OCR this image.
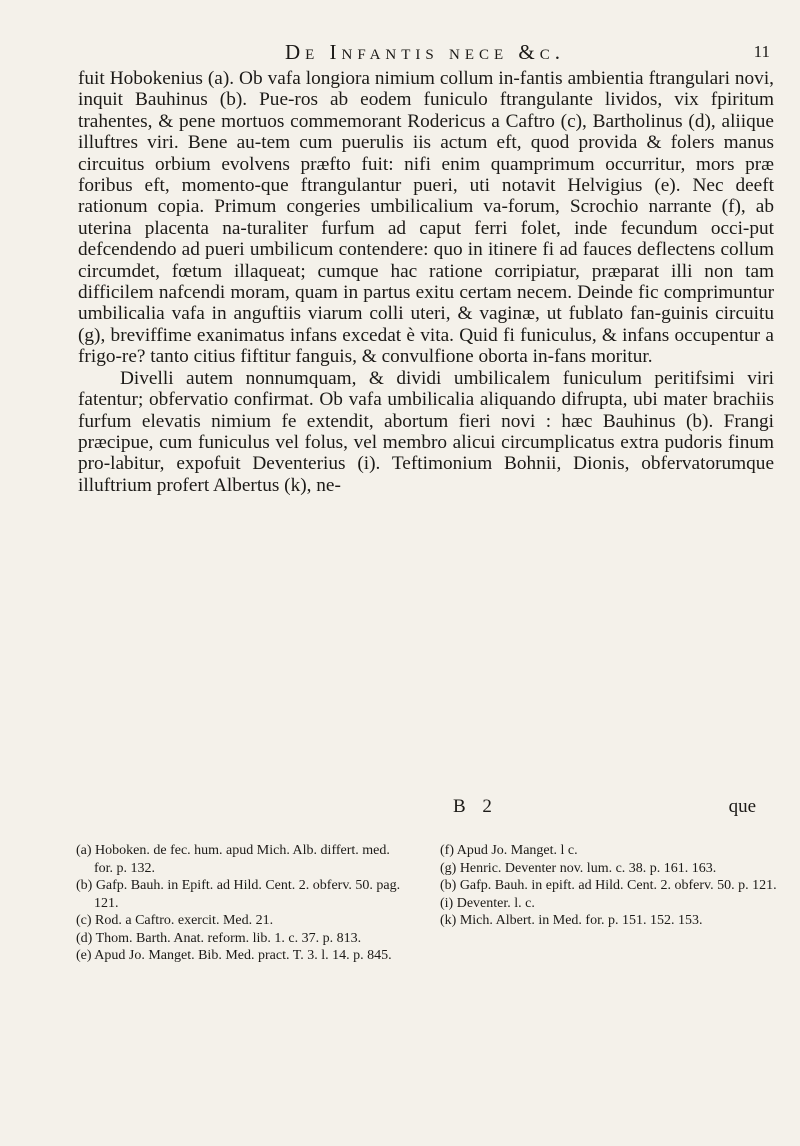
De Infantis nece &c.	11

fuit Hobokenius (a). Ob vafa longiora nimium collum in-fantis ambientia ftrangulari novi, inquit Bauhinus (b). Pue-ros ab eodem funiculo ftrangulante lividos, vix fpiritum trahentes, & pene mortuos commemorant Rodericus a Caftro (c), Bartholinus (d), aliique illuftres viri. Bene au-tem cum puerulis iis actum eft, quod provida & folers manus circuitus orbium evolvens præfto fuit: nifi enim quamprimum occurritur, mors præ foribus eft, momento-que ftrangulantur pueri, uti notavit Helvigius (e). Nec deeft rationum copia. Primum congeries umbilicalium va-forum, Scrochio narrante (f), ab uterina placenta na-turaliter furfum ad caput ferri folet, inde fecundum occi-put defcendendo ad pueri umbilicum contendere: quo in itinere fi ad fauces deflectens collum circumdet, fœtum illaqueat; cumque hac ratione corripiatur, præparat illi non tam difficilem nafcendi moram, quam in partus exitu certam necem. Deinde fic comprimuntur umbilicalia vafa in anguftiis viarum colli uteri, & vaginæ, ut fublato fan-guinis circuitu (g), breviffime exanimatus infans excedat è vita. Quid fi funiculus, & infans occupentur a frigo-re? tanto citius fiftitur fanguis, & convulfione oborta in-fans moritur.

Divelli autem nonnumquam, & dividi umbilicalem funiculum peritifsimi viri fatentur; obfervatio confirmat. Ob vafa umbilicalia aliquando difrupta, ubi mater brachiis furfum elevatis nimium fe extendit, abortum fieri novi : hæc Bauhinus (b). Frangi præcipue, cum funiculus vel folus, vel membro alicui circumplicatus extra pudoris finum pro-labitur, expofuit Deventerius (i). Teftimonium Bohnii, Dionis, obfervatorumque illuftrium profert Albertus (k), ne-

B 2	que
(a) Hoboken. de fec. hum. apud Mich. Alb. differt. med. for. p. 132.
(b) Gafp. Bauh. in Epift. ad Hild. Cent. 2. obferv. 50. pag. 121.
(c) Rod. a Caftro. exercit. Med. 21.
(d) Thom. Barth. Anat. reform. lib. 1. c. 37. p. 813.
(e) Apud Jo. Manget. Bib. Med. pract. T. 3. l. 14. p. 845.
(f) Apud Jo. Manget. l c.
(g) Henric. Deventer nov. lum. c. 38. p. 161. 163.
(b) Gafp. Bauh. in epift. ad Hild. Cent. 2. obferv. 50. p. 121.
(i) Deventer. l. c.
(k) Mich. Albert. in Med. for. p. 151. 152. 153.
